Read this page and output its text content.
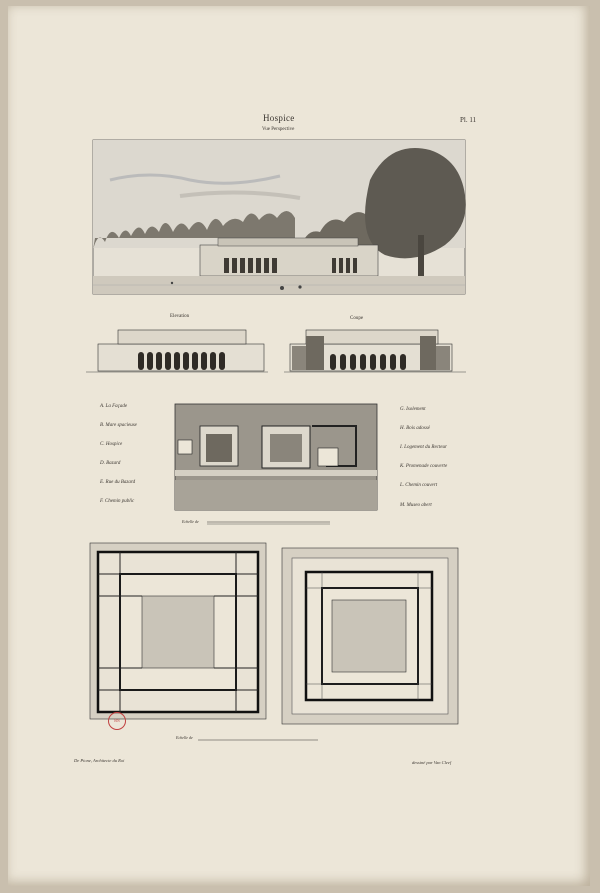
Hospice
Vue Perspective
Pl. 11
Elevation	Coupe
A. La Façade
B. Mare spacieuse
C. Hospice
D. Bazard
E. Rue du Bazard
F. Chemin public
G. Isolement
H. Bois adossé
I. Logement du Recteur
K. Promenade couverte
L. Chemin couvert
M. Museo abert
Echelle de
Echelle de
De Pione, Architecte du Roi	dessiné par Van Cleef
BN
